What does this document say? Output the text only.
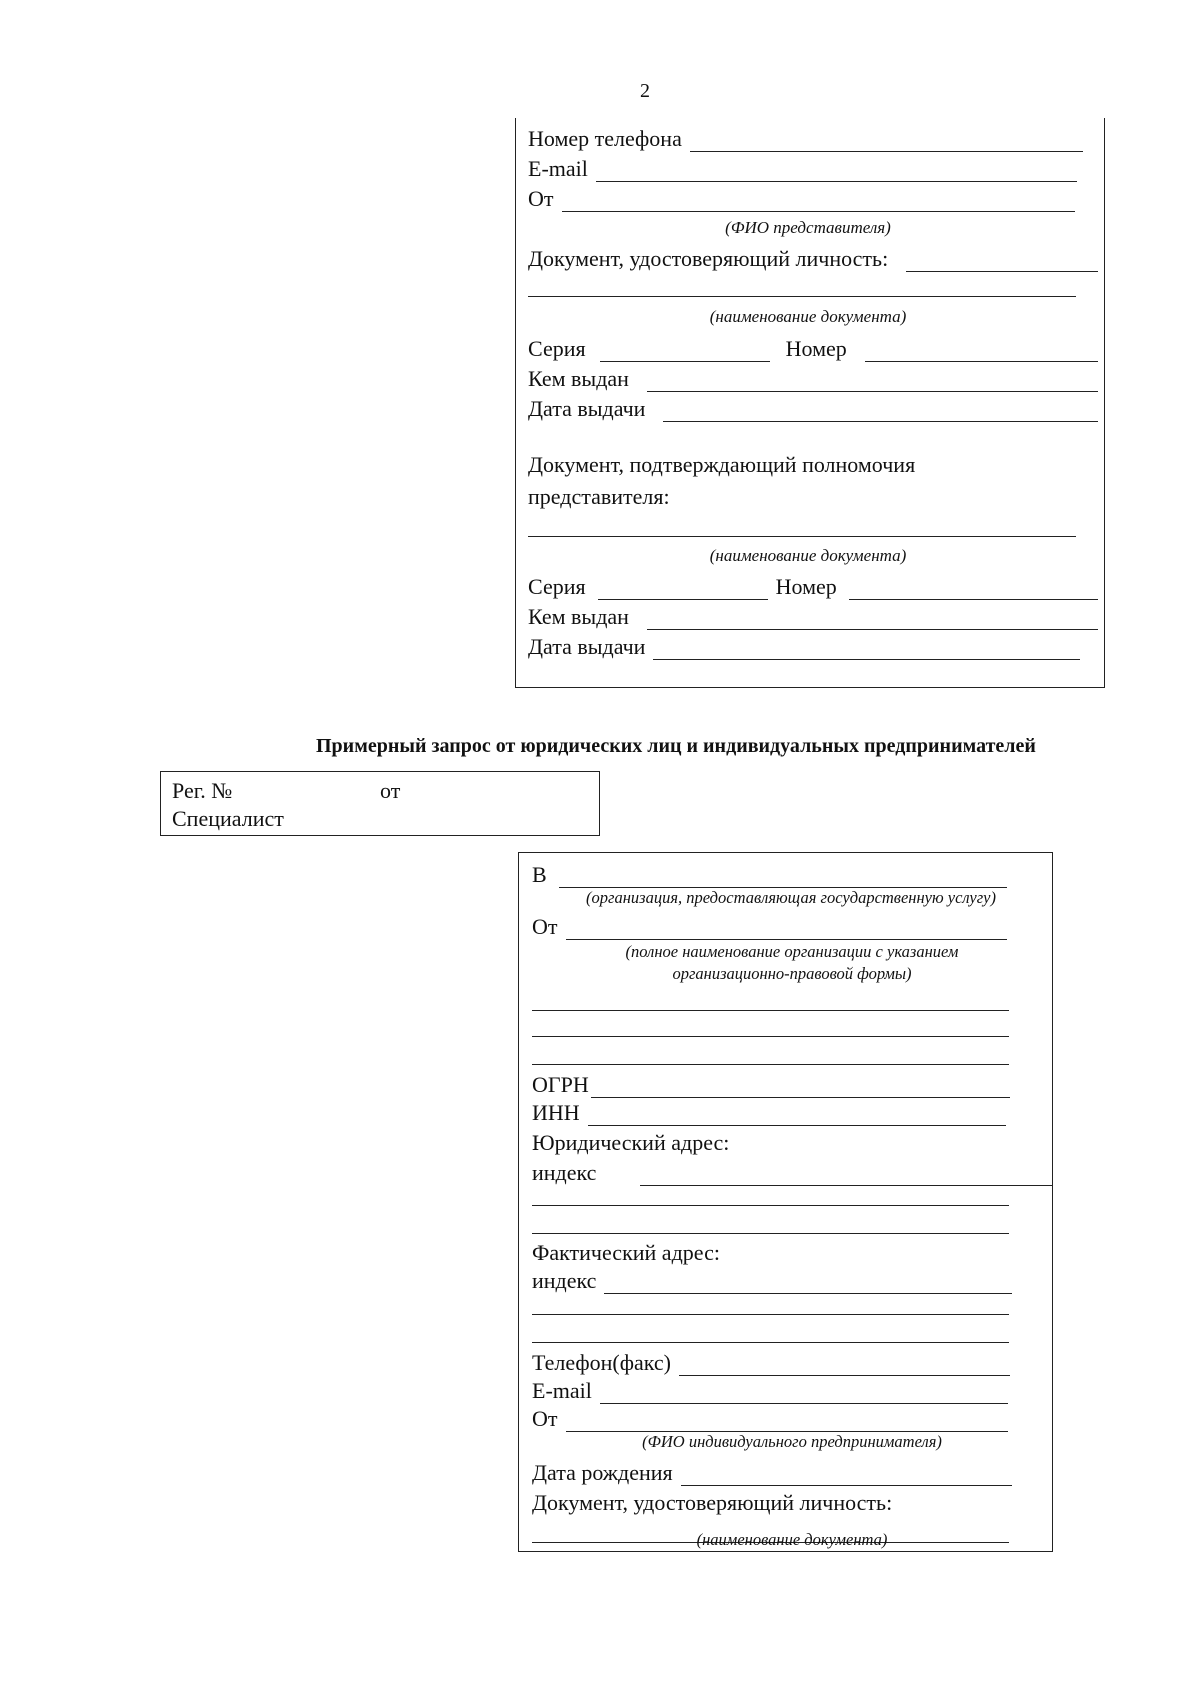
2
Номер телефона
E-mail
От
(ФИО представителя)
Документ, удостоверяющий личность:
(наименование документа)
Серия	Номер
Кем выдан
Дата выдачи
Документ, подтверждающий полномочия
представителя:
(наименование документа)
Серия	Номер
Кем выдан
Дата выдачи
Примерный запрос от юридических лиц и индивидуальных предпринимателей
Рег. №	от
Специалист
В
(организация, предоставляющая государственную услугу)
От
(полное наименование организации с указанием
организационно-правовой формы)
ОГРН
ИНН
Юридический адрес:
индекс
Фактический адрес:
индекс
Телефон(факс)
E-mail
От
(ФИО индивидуального предпринимателя)
Дата рождения
Документ, удостоверяющий личность:
(наименование документа)
